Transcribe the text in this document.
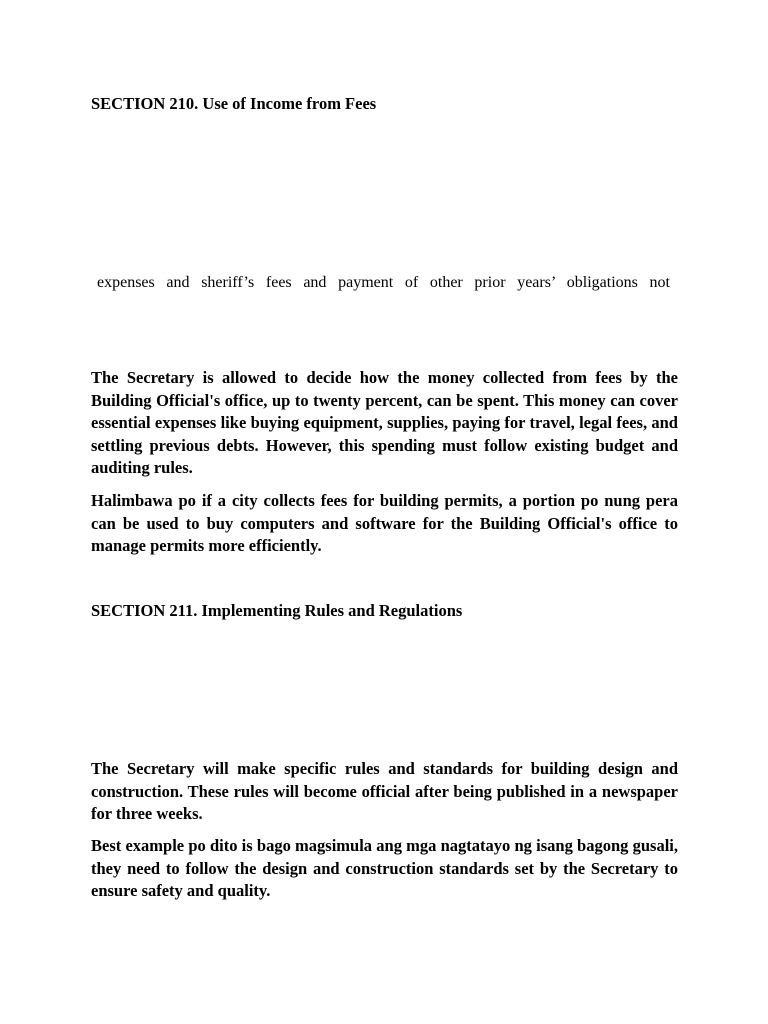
SECTION 210. Use of Income from Fees

expenses and sheriff’s fees and payment of other prior years’ obligations not

The Secretary is allowed to decide how the money collected from fees by the Building Official's office, up to twenty percent, can be spent. This money can cover essential expenses like buying equipment, supplies, paying for travel, legal fees, and settling previous debts. However, this spending must follow existing budget and auditing rules.

Halimbawa po if a city collects fees for building permits, a portion po nung pera can be used to buy computers and software for the Building Official's office to manage permits more efficiently.

SECTION 211. Implementing Rules and Regulations

The Secretary will make specific rules and standards for building design and construction. These rules will become official after being published in a newspaper for three weeks.

Best example po dito is bago magsimula ang mga nagtatayo ng isang bagong gusali, they need to follow the design and construction standards set by the Secretary to ensure safety and quality.
